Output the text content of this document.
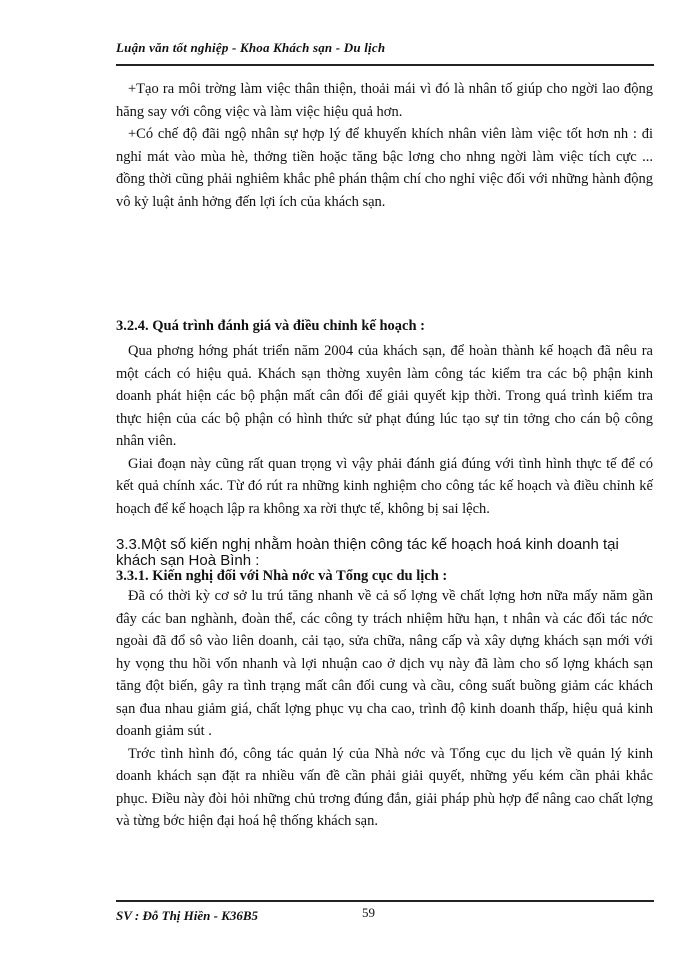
Luận văn tốt nghiệp - Khoa Khách sạn - Du lịch

+Tạo ra môi trờng làm việc thân thiện, thoải mái vì đó là nhân tố giúp cho ngời lao động hăng say với công việc và làm việc hiệu quả hơn.

+Có chế độ đãi ngộ nhân sự hợp lý để khuyến khích nhân viên làm việc tốt hơn nh : đi nghỉ mát vào mùa hè, thởng tiền hoặc tăng bậc lơng cho nhng ngời làm việc tích cực ... đồng thời cũng phải nghiêm khắc phê phán thậm chí cho nghỉ việc đối với những hành động vô kỷ luật ảnh hởng đến lợi ích của khách sạn.

3.2.4. Quá trình đánh giá và điều chỉnh kế hoạch :

Qua phơng hớng phát triển năm 2004 của khách sạn, để hoàn thành kế hoạch đã nêu ra một cách có hiệu quả. Khách sạn thờng xuyên làm công tác kiểm tra các bộ phận kinh doanh phát hiện các bộ phận mất cân đối để giải quyết kịp thời. Trong quá trình kiểm tra thực hiện của các bộ phận có hình thức sử phạt đúng lúc tạo sự tin tởng cho cán bộ công nhân viên.

Giai đoạn này cũng rất quan trọng vì vậy phải đánh giá đúng với tình hình thực tế để có kết quả chính xác. Từ đó rút ra những kinh nghiệm cho công tác kế hoạch và điều chỉnh kế hoạch để kế hoạch lập ra không xa rời thực tế, không bị sai lệch.

3.3.Một số kiến nghị nhằm hoàn thiện công tác kế hoạch hoá kinh doanh tại khách sạn Hoà Bình :
3.3.1. Kiến nghị đối với Nhà nớc và Tổng cục du lịch :

Đã có thời kỳ cơ sở lu trú tăng nhanh về cả số lợng về chất lợng hơn nữa mấy năm gần đây các ban nghành, đoàn thể, các công ty trách nhiệm hữu hạn, t nhân và các đối tác nớc ngoài đã đổ sô vào liên doanh, cải tạo, sửa chữa, nâng cấp và xây dựng khách sạn mới với hy vọng thu hồi vốn nhanh và lợi nhuận cao ở dịch vụ này đã làm cho số lợng khách sạn tăng đột biến, gây ra tình trạng mất cân đối cung và cầu, công suất buồng giảm các khách sạn đua nhau giảm giá, chất lợng phục vụ cha cao, trình độ kinh doanh thấp, hiệu quả kinh doanh giảm sút .

Trớc tình hình đó, công tác quản lý của Nhà nớc và Tổng cục du lịch về quản lý kinh doanh khách sạn đặt ra nhiều vấn đề cần phải giải quyết, những yếu kém cần phải khắc phục. Điều này đòi hỏi những chủ trơng đúng đắn, giải pháp phù hợp để nâng cao chất lợng và từng bớc hiện đại hoá hệ thống khách sạn.

SV : Đỗ Thị Hiền - K36B5	59
